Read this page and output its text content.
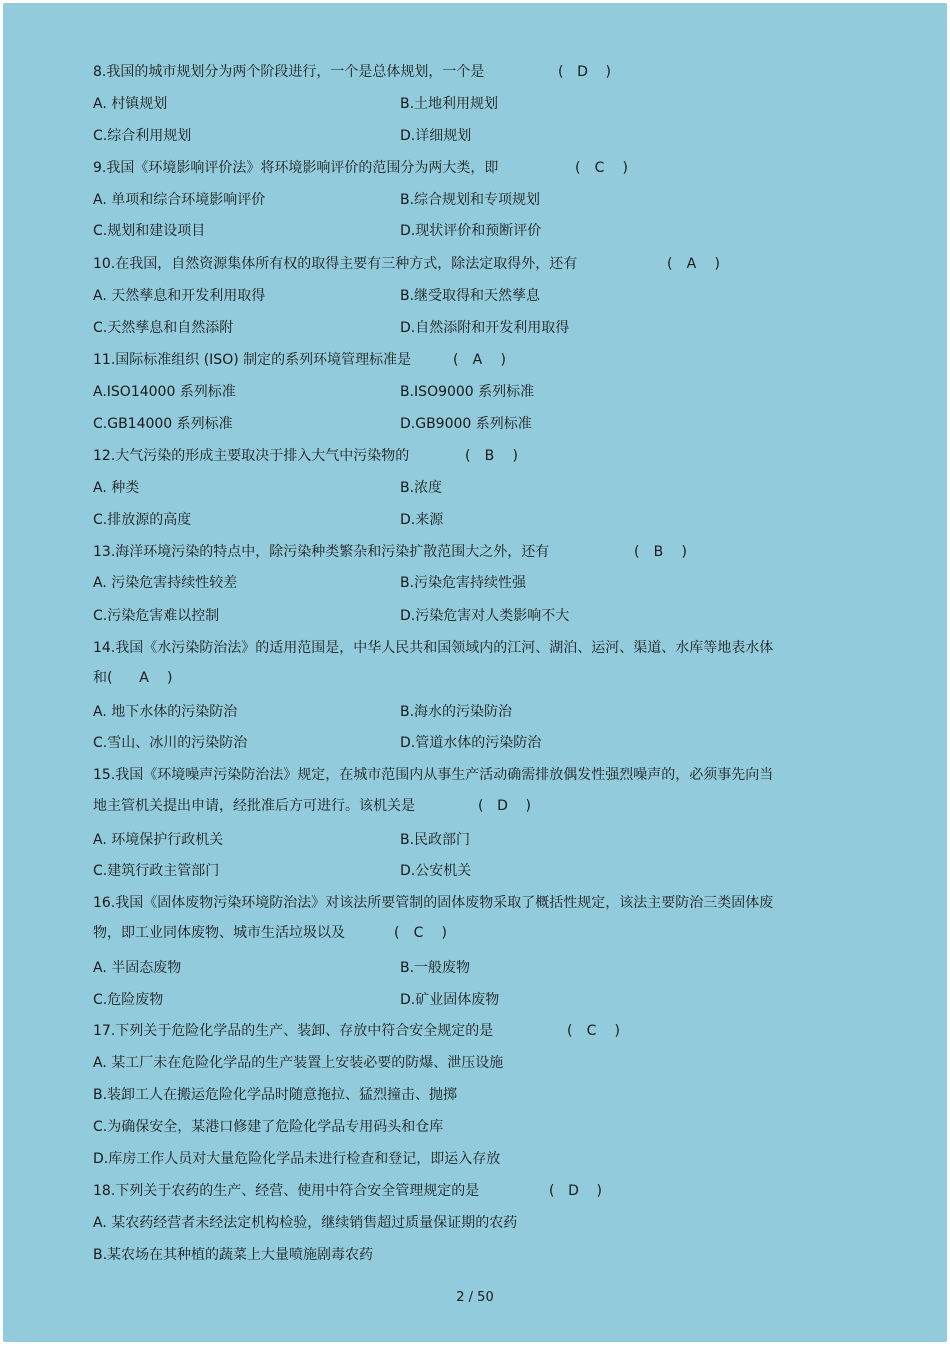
8.我国的城市规划分为两个阶段进行，一个是总体规划，一个是	( D )
A. 村镇规划	B.土地利用规划
C.综合利用规划	D.详细规划
9.我国《环境影响评价法》将环境影响评价的范围分为两大类，即	( C )
A. 单项和综合环境影响评价	B.综合规划和专项规划
C.规划和建设项目	D.现状评价和预断评价
10.在我国，自然资源集体所有权的取得主要有三种方式，除法定取得外，还有	( A )
A. 天然孳息和开发利用取得	B.继受取得和天然孳息
C.天然孳息和自然添附	D.自然添附和开发利用取得
11.国际标准组织 (ISO) 制定的系列环境管理标准是	( A )
A.ISO14000 系列标准	B.ISO9000 系列标准
C.GB14000 系列标准	D.GB9000 系列标准
12.大气污染的形成主要取决于排入大气中污染物的	( B )
A. 种类	B.浓度
C.排放源的高度	D.来源
13.海洋环境污染的特点中，除污染种类繁杂和污染扩散范围大之外，还有	( B )
A. 污染危害持续性较差	B.污染危害持续性强
C.污染危害难以控制	D.污染危害对人类影响不大
14.我国《水污染防治法》的适用范围是，中华人民共和国领域内的江河、湖泊、运河、渠道、水库等地表水体
和(	A )
A. 地下水体的污染防治	B.海水的污染防治
C.雪山、冰川的污染防治	D.管道水体的污染防治
15.我国《环境噪声污染防治法》规定，在城市范围内从事生产活动确需排放偶发性强烈噪声的，必须事先向当
地主管机关提出申请，经批准后方可进行。该机关是	( D )
A. 环境保护行政机关	B.民政部门
C.建筑行政主管部门	D.公安机关
16.我国《固体废物污染环境防治法》对该法所要管制的固体废物采取了概括性规定，该法主要防治三类固体废
物，即工业同体废物、城市生活垃圾以及	( C )
A. 半固态废物	B.一般废物
C.危险废物	D.矿业固体废物
17.下列关于危险化学品的生产、装卸、存放中符合安全规定的是	( C )
A. 某工厂未在危险化学品的生产装置上安装必要的防爆、泄压设施
B.装卸工人在搬运危险化学品时随意拖拉、猛烈撞击、抛掷
C.为确保安全，某港口修建了危险化学品专用码头和仓库
D.库房工作人员对大量危险化学品未进行检查和登记，即运入存放
18.下列关于农药的生产、经营、使用中符合安全管理规定的是	( D )
A. 某农药经营者未经法定机构检验，继续销售超过质量保证期的农药
B.某农场在其种植的蔬菜上大量喷施剧毒农药
2 / 50
